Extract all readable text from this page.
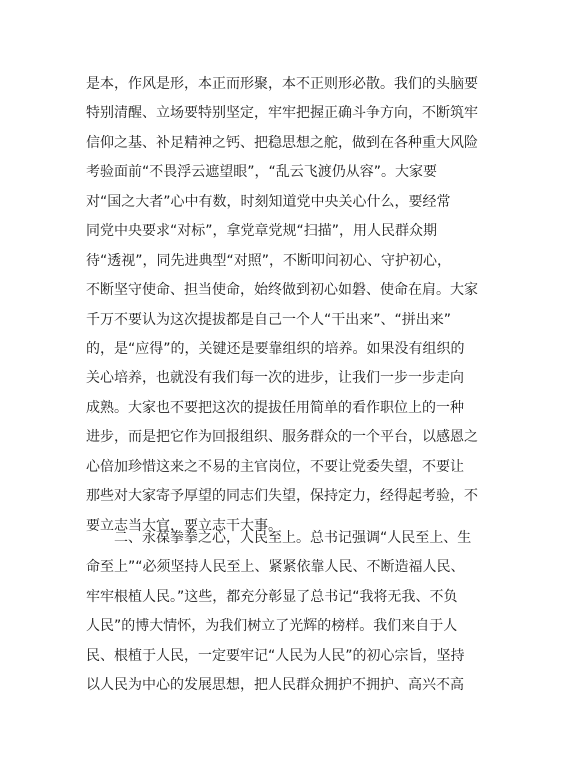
是本，作风是形，本正而形聚，本不正则形必散。我们的头脑要
特别清醒、立场要特别坚定，牢牢把握正确斗争方向，不断筑牢
信仰之基、补足精神之钙、把稳思想之舵，做到在各种重大风险
考验面前“不畏浮云遮望眼”，“乱云飞渡仍从容”。大家要
对“国之大者”心中有数，时刻知道党中央关心什么，要经常
同党中央要求“对标”，拿党章党规“扫描”，用人民群众期
待“透视”，同先进典型“对照”，不断叩问初心、守护初心，
不断坚守使命、担当使命，始终做到初心如磐、使命在肩。大家
千万不要认为这次提拔都是自己一个人“干出来”、“拼出来”
的，是“应得”的，关键还是要靠组织的培养。如果没有组织的
关心培养，也就没有我们每一次的进步，让我们一步一步走向
成熟。大家也不要把这次的提拔任用简单的看作职位上的一种
进步，而是把它作为回报组织、服务群众的一个平台，以感恩之
心倍加珍惜这来之不易的主官岗位，不要让党委失望，不要让
那些对大家寄予厚望的同志们失望，保持定力，经得起考验，不
要立志当大官，要立志干大事。
二、永葆拳拳之心，人民至上。总书记强调“人民至上、生
命至上”“必须坚持人民至上、紧紧依靠人民、不断造福人民、
牢牢根植人民。”这些，都充分彰显了总书记“我将无我、不负
人民”的博大情怀，为我们树立了光辉的榜样。我们来自于人
民、根植于人民，一定要牢记“人民为人民”的初心宗旨，坚持
以人民为中心的发展思想，把人民群众拥护不拥护、高兴不高
